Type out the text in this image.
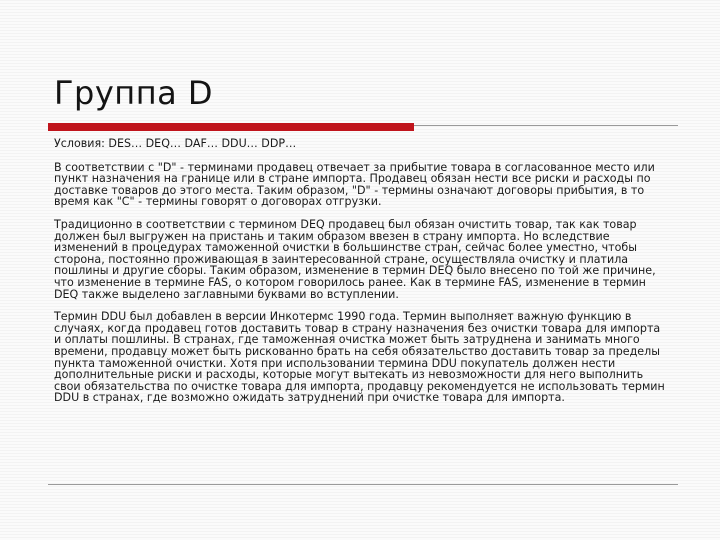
Группа D

Условия: DES… DEQ… DAF… DDU… DDP…

В соответствии с "D" - терминами продавец отвечает за прибытие товара в согласованное место или пункт назначения на границе или в стране импорта. Продавец обязан нести все риски и расходы по доставке товаров до этого места. Таким образом, "D" - термины означают договоры прибытия, в то время как "С" - термины говорят о договорах отгрузки.

Традиционно в соответствии с термином DEQ продавец был обязан очистить товар, так как товар должен был выгружен на пристань и таким образом ввезен в страну импорта. Но вследствие изменений в процедурах таможенной очистки в большинстве стран, сейчас более уместно, чтобы сторона, постоянно проживающая в заинтересованной стране, осуществляла очистку и платила пошлины и другие сборы. Таким образом, изменение в термин DEQ было внесено по той же причине, что изменение в термине FAS, о котором говорилось ранее. Как в термине FAS, изменение в термин DEQ также выделено заглавными буквами во вступлении.

Термин DDU был добавлен в версии Инкотермс 1990 года. Термин выполняет важную функцию в случаях, когда продавец готов доставить товар в страну назначения без очистки товара для импорта и оплаты пошлины. В странах, где таможенная очистка может быть затруднена и занимать много времени, продавцу может быть рискованно брать на себя обязательство доставить товар за пределы пункта таможенной очистки. Хотя при использовании термина DDU покупатель должен нести дополнительные риски и расходы, которые могут вытекать из невозможности для него выполнить свои обязательства по очистке товара для импорта, продавцу рекомендуется не использовать термин DDU в странах, где возможно ожидать затруднений при очистке товара для импорта.
